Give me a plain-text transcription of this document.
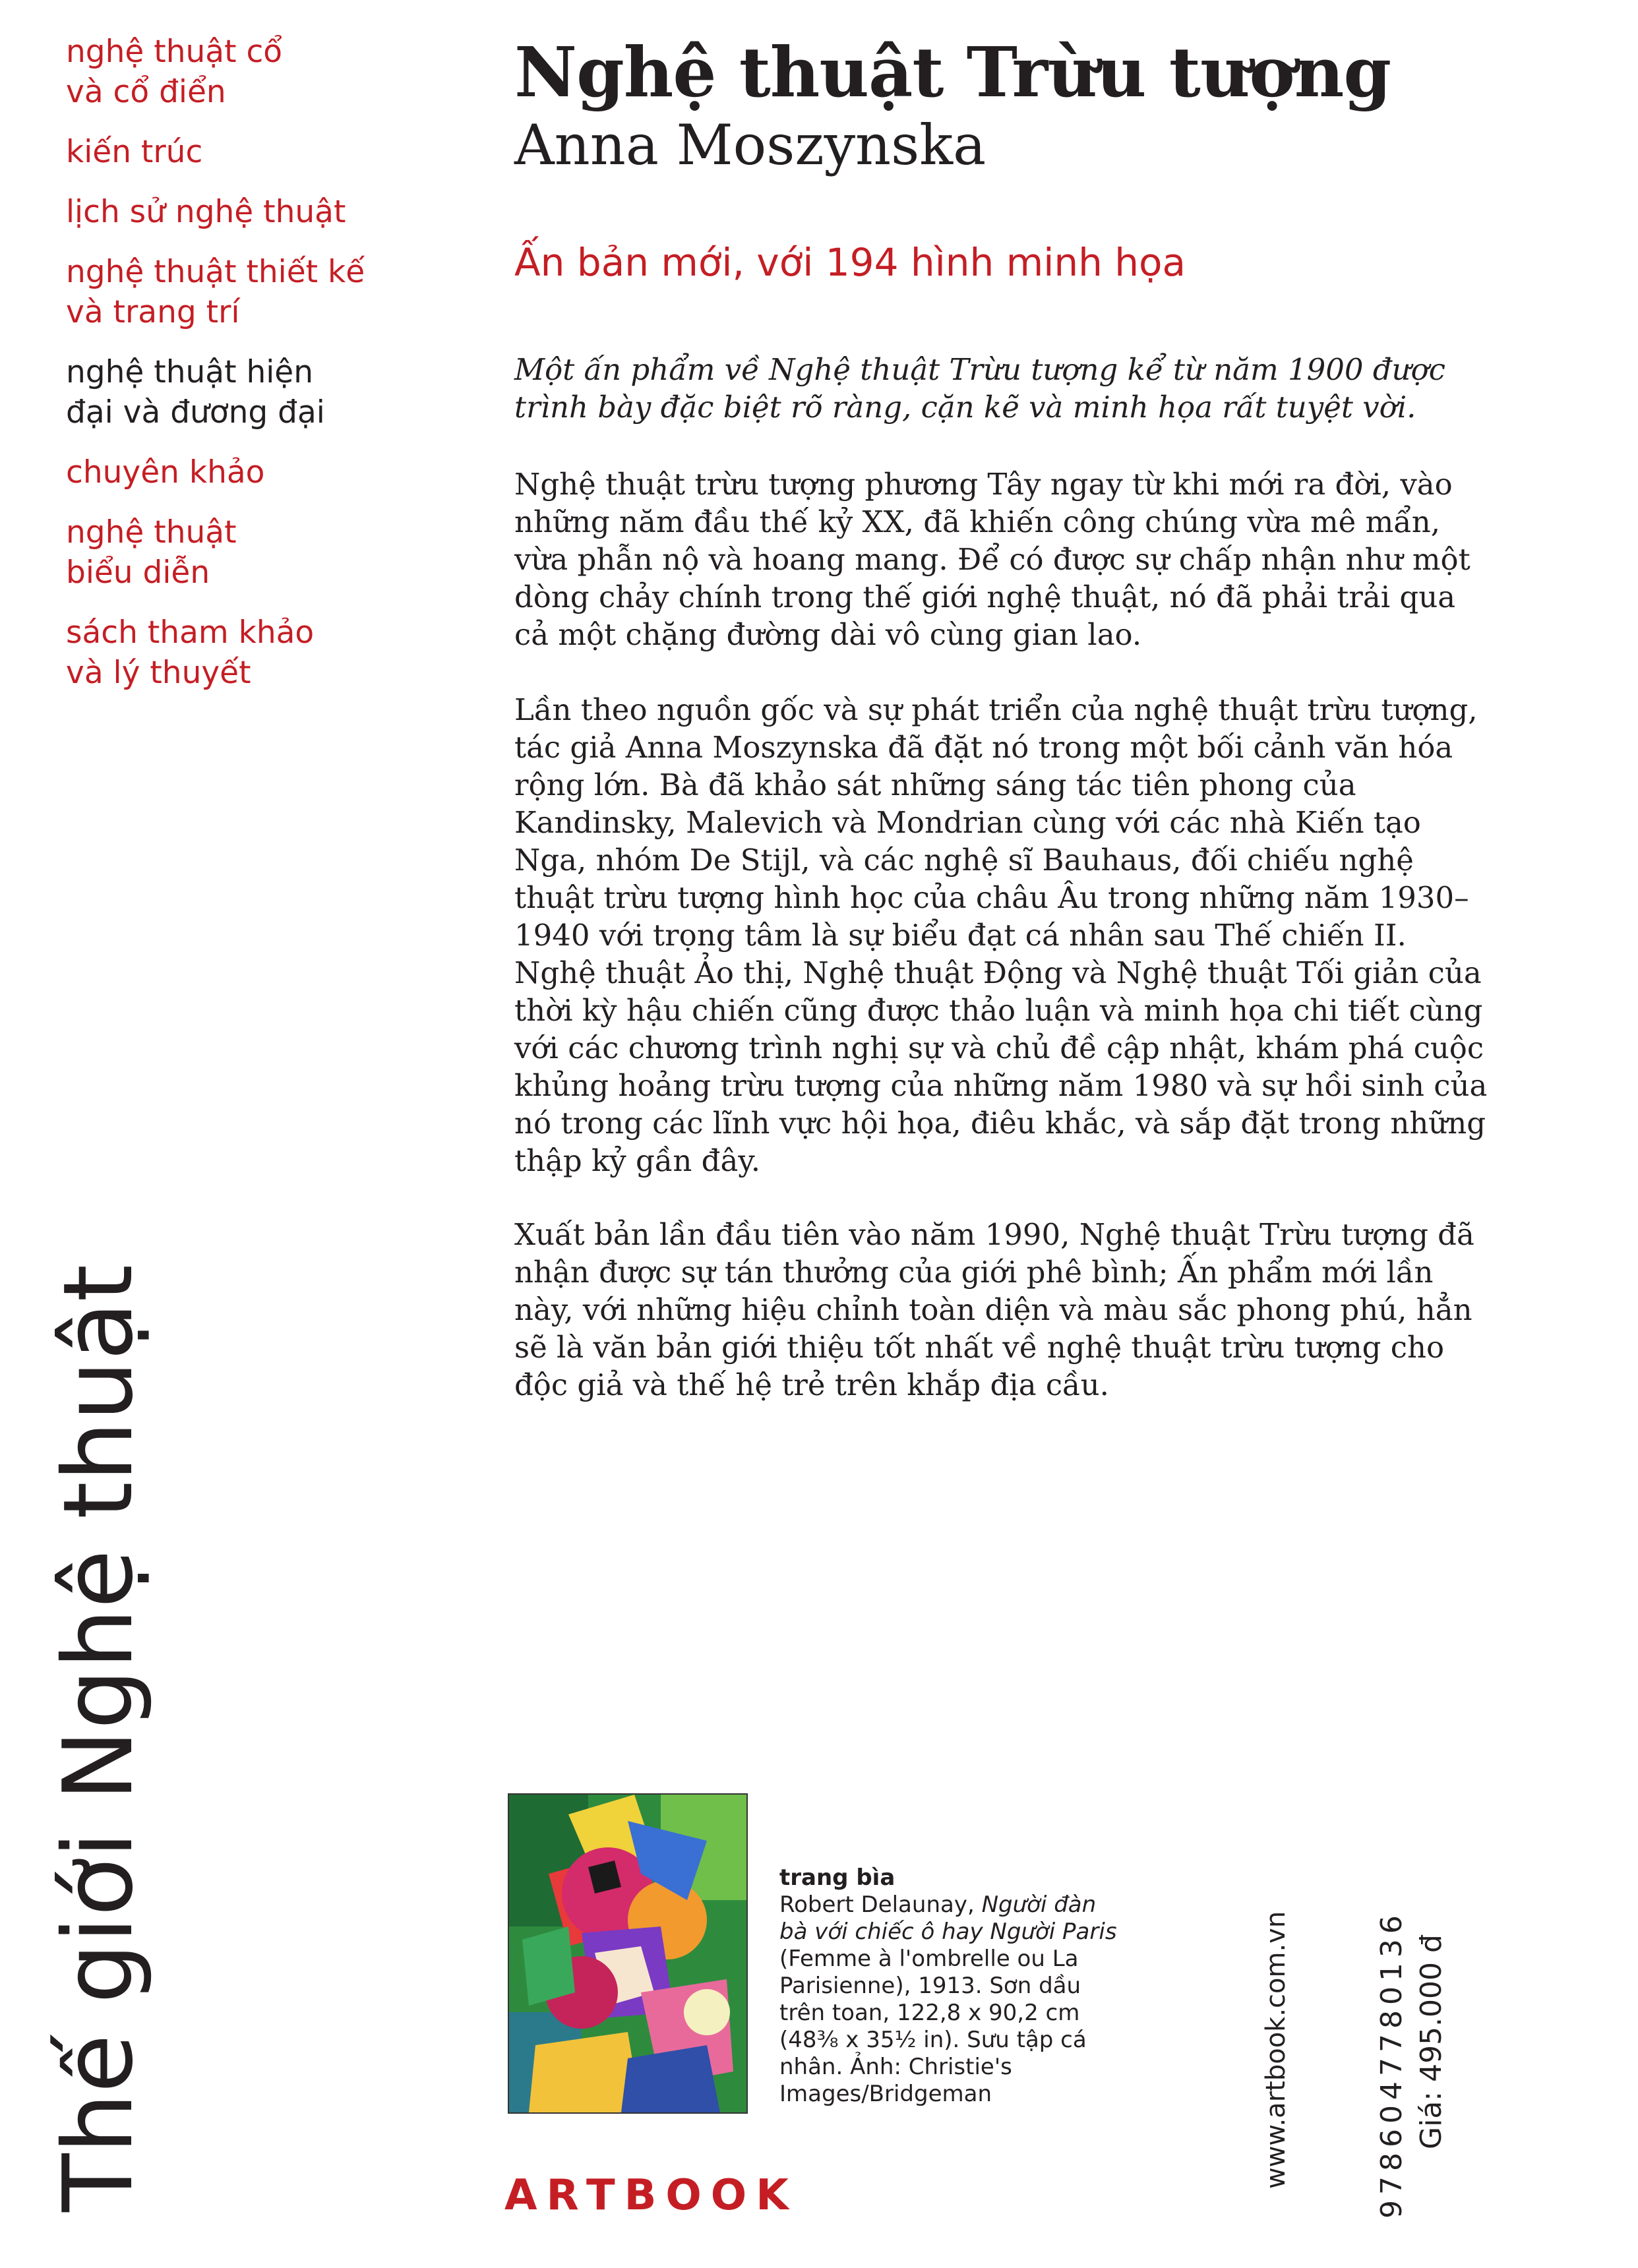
nghệ thuật cổ
và cổ điển
kiến trúc
lịch sử nghệ thuật
nghệ thuật thiết kế
và trang trí
nghệ thuật hiện
đại và đương đại
chuyên khảo
nghệ thuật
biểu diễn
sách tham khảo
và lý thuyết
Thế giới Nghệ thuật
Nghệ thuật Trừu tượng
Anna Moszynska
Ấn bản mới, với 194 hình minh họa

Một ấn phẩm về Nghệ thuật Trừu tượng kể từ năm 1900 được trình bày đặc biệt rõ ràng, cặn kẽ và minh họa rất tuyệt vời.

Nghệ thuật trừu tượng phương Tây ngay từ khi mới ra đời, vào những năm đầu thế kỷ XX, đã khiến công chúng vừa mê mẩn, vừa phẫn nộ và hoang mang. Để có được sự chấp nhận như một dòng chảy chính trong thế giới nghệ thuật, nó đã phải trải qua cả một chặng đường dài vô cùng gian lao.

Lần theo nguồn gốc và sự phát triển của nghệ thuật trừu tượng, tác giả Anna Moszynska đã đặt nó trong một bối cảnh văn hóa rộng lớn. Bà đã khảo sát những sáng tác tiên phong của Kandinsky, Malevich và Mondrian cùng với các nhà Kiến tạo Nga, nhóm De Stijl, và các nghệ sĩ Bauhaus, đối chiếu nghệ thuật trừu tượng hình học của châu Âu trong những năm 1930–1940 với trọng tâm là sự biểu đạt cá nhân sau Thế chiến II. Nghệ thuật Ảo thị, Nghệ thuật Động và Nghệ thuật Tối giản của thời kỳ hậu chiến cũng được thảo luận và minh họa chi tiết cùng với các chương trình nghị sự và chủ đề cập nhật, khám phá cuộc khủng hoảng trừu tượng của những năm 1980 và sự hồi sinh của nó trong các lĩnh vực hội họa, điêu khắc, và sắp đặt trong những thập kỷ gần đây.

Xuất bản lần đầu tiên vào năm 1990, Nghệ thuật Trừu tượng đã nhận được sự tán thưởng của giới phê bình; Ấn phẩm mới lần này, với những hiệu chỉnh toàn diện và màu sắc phong phú, hẳn sẽ là văn bản giới thiệu tốt nhất về nghệ thuật trừu tượng cho độc giả và thế hệ trẻ trên khắp địa cầu.

trang bìa
Robert Delaunay, Người đàn bà với chiếc ô hay Người Paris (Femme à l'ombrelle ou La Parisienne), 1913. Sơn dầu trên toan, 122,8 x 90,2 cm (48⅜ x 35½ in). Sưu tập cá nhân. Ảnh: Christie's Images/Bridgeman
ARTBOOK
www.artbook.com.vn	9786047780136 Giá: 495.000 đ
